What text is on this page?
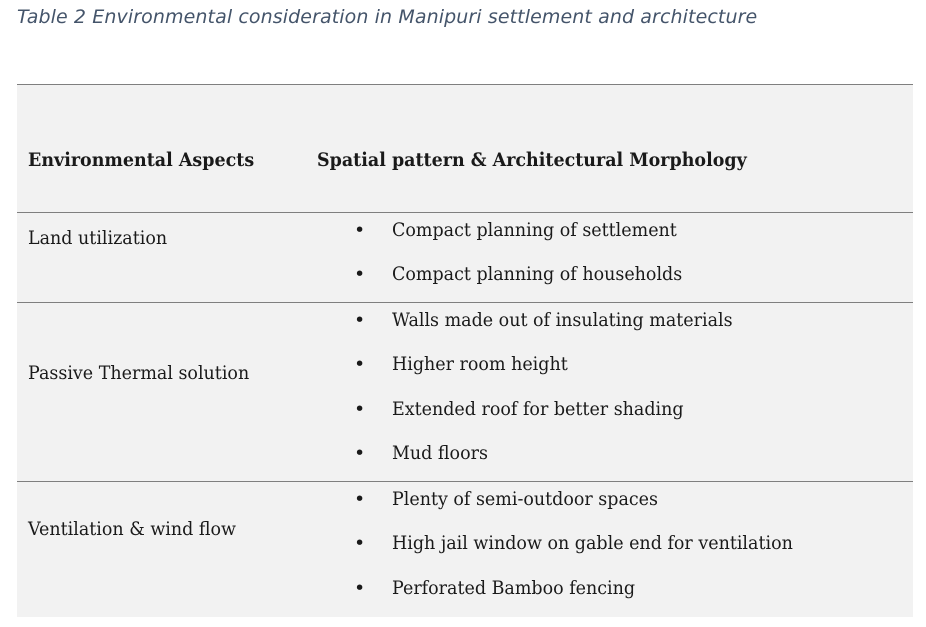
Table 2 Environmental consideration in Manipuri settlement and architecture
Environmental Aspects	Spatial pattern & Architectural Morphology
Land utilization	• Compact planning of settlement
• Compact planning of households
Passive Thermal solution
• Walls made out of insulating materials
• Higher room height
• Extended roof for better shading
• Mud floors
Ventilation & wind flow
• Plenty of semi-outdoor spaces
• High jail window on gable end for ventilation
• Perforated Bamboo fencing
